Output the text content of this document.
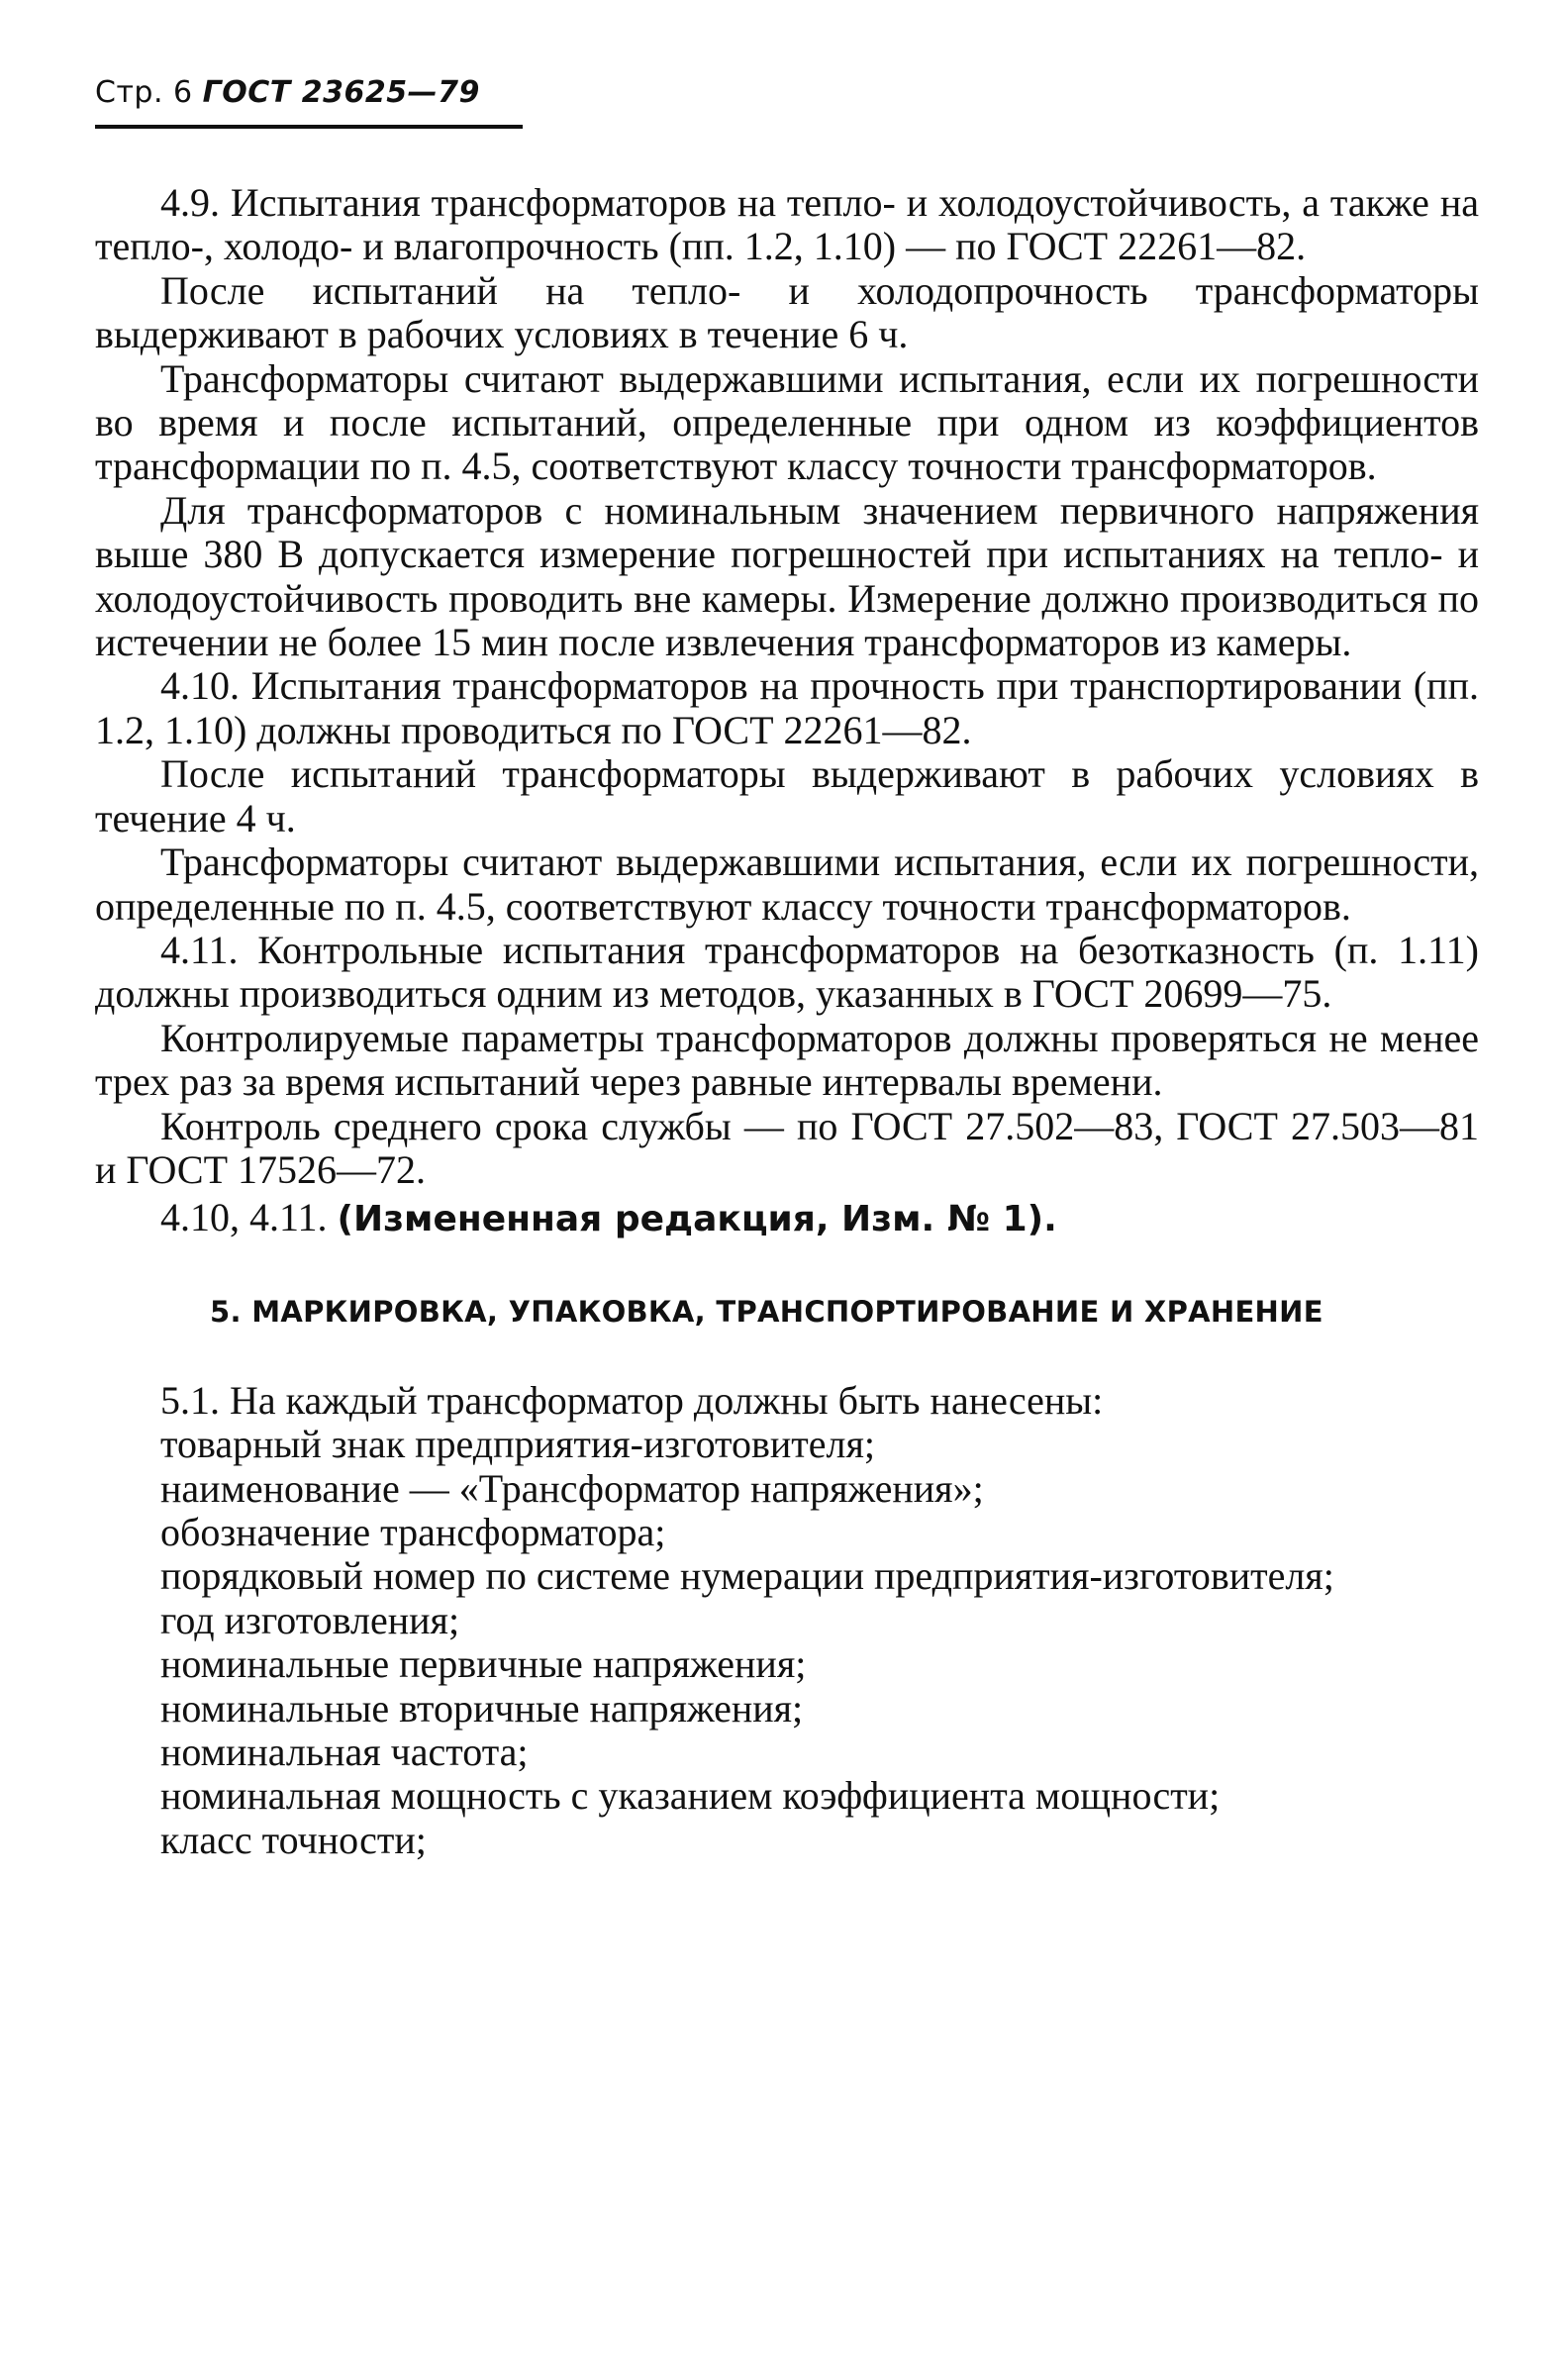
Стр. 6 ГОСТ 23625—79

4.9. Испытания трансформаторов на тепло- и холодоустойчивость, а также на тепло-, холодо- и влагопрочность (пп. 1.2, 1.10) — по ГОСТ 22261—82.

После испытаний на тепло- и холодопрочность трансформаторы выдерживают в рабочих условиях в течение 6 ч.

Трансформаторы считают выдержавшими испытания, если их погрешности во время и после испытаний, определенные при одном из коэффициентов трансформации по п. 4.5, соответствуют классу точности трансформаторов.

Для трансформаторов с номинальным значением первичного напряжения выше 380 В допускается измерение погрешностей при испытаниях на тепло- и холодоустойчивость проводить вне камеры. Измерение должно производиться по истечении не более 15 мин после извлечения трансформаторов из камеры.

4.10. Испытания трансформаторов на прочность при транспортировании (пп. 1.2, 1.10) должны проводиться по ГОСТ 22261—82.

После испытаний трансформаторы выдерживают в рабочих условиях в течение 4 ч.

Трансформаторы считают выдержавшими испытания, если их погрешности, определенные по п. 4.5, соответствуют классу точности трансформаторов.

4.11. Контрольные испытания трансформаторов на безотказность (п. 1.11) должны производиться одним из методов, указанных в ГОСТ 20699—75.

Контролируемые параметры трансформаторов должны проверяться не менее трех раз за время испытаний через равные интервалы времени.

Контроль среднего срока службы — по ГОСТ 27.502—83, ГОСТ 27.503—81 и ГОСТ 17526—72.

4.10, 4.11. (Измененная редакция, Изм. № 1).

5. МАРКИРОВКА, УПАКОВКА, ТРАНСПОРТИРОВАНИЕ И ХРАНЕНИЕ

5.1. На каждый трансформатор должны быть нанесены:

товарный знак предприятия-изготовителя;

наименование — «Трансформатор напряжения»;

обозначение трансформатора;

порядковый номер по системе нумерации предприятия-изготовителя;

год изготовления;

номинальные первичные напряжения;

номинальные вторичные напряжения;

номинальная частота;

номинальная мощность с указанием коэффициента мощности;

класс точности;
